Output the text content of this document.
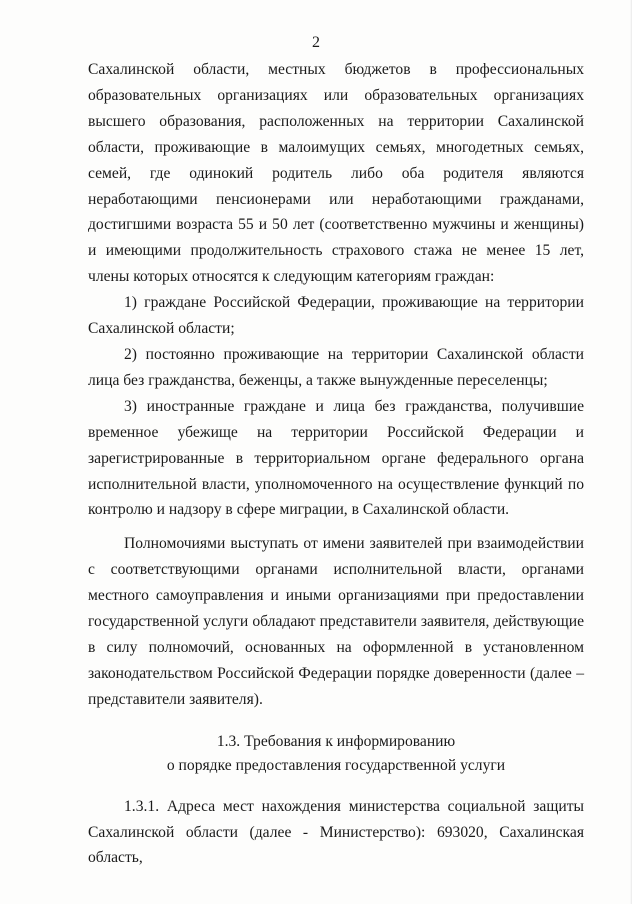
2

Сахалинской области, местных бюджетов в профессиональных образовательных организациях или образовательных организациях высшего образования, расположенных на территории Сахалинской области, проживающие в малоимущих семьях, многодетных семьях, семей, где одинокий родитель либо оба родителя являются неработающими пенсионерами или неработающими гражданами, достигшими возраста 55 и 50 лет (соответственно мужчины и женщины) и имеющими продолжительность страхового стажа не менее 15 лет, члены которых относятся к следующим категориям граждан:

1) граждане Российской Федерации, проживающие на территории Сахалинской области;

2) постоянно проживающие на территории Сахалинской области лица без гражданства, беженцы, а также вынужденные переселенцы;

3) иностранные граждане и лица без гражданства, получившие временное убежище на территории Российской Федерации и зарегистрированные в территориальном органе федерального органа исполнительной власти, уполномоченного на осуществление функций по контролю и надзору в сфере миграции, в Сахалинской области.

Полномочиями выступать от имени заявителей при взаимодействии с соответствующими органами исполнительной власти, органами местного самоуправления и иными организациями при предоставлении государственной услуги обладают представители заявителя, действующие в силу полномочий, основанных на оформленной в установленном законодательством Российской Федерации порядке доверенности (далее – представители заявителя).

1.3. Требования к информированию

о порядке предоставления государственной услуги

1.3.1. Адреса мест нахождения министерства социальной защиты Сахалинской области (далее - Министерство): 693020, Сахалинская область,
